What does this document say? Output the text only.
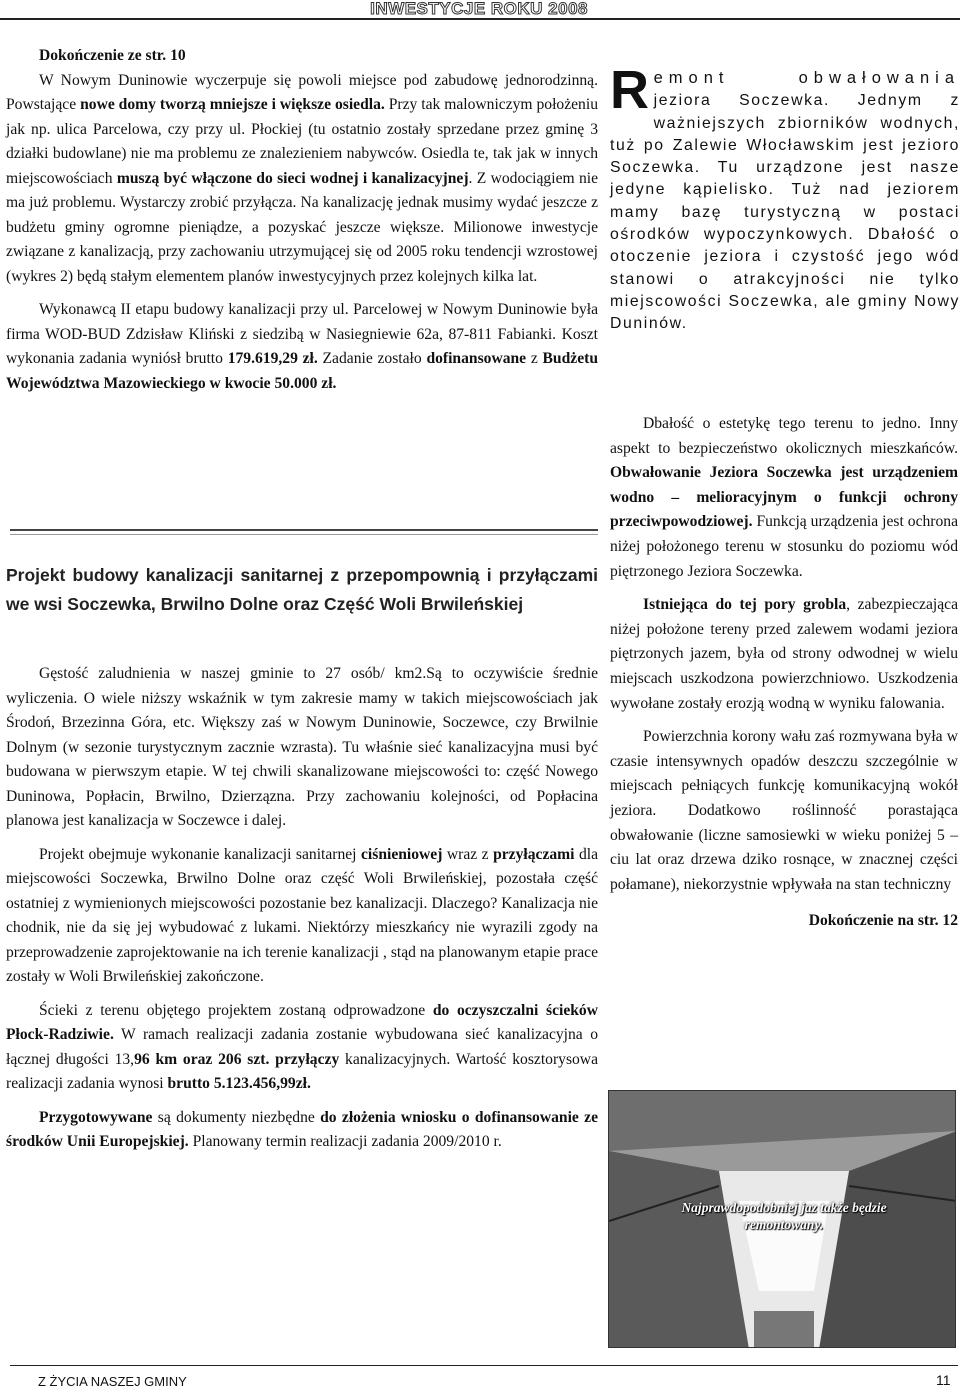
INWESTYCJE ROKU 2008

Dokończenie ze str. 10

W Nowym Duninowie wyczerpuje się powoli miejsce pod zabudowę jednorodzinną. Powstające nowe domy tworzą mniejsze i większe osiedla. Przy tak malowniczym położeniu jak np. ulica Parcelowa, czy przy ul. Płockiej (tu ostatnio zostały sprzedane przez gminę 3 działki budowlane) nie ma problemu ze znalezieniem nabywców. Osiedla te, tak jak w innych miejscowościach muszą być włączone do sieci wodnej i kanalizacyjnej. Z wodociągiem nie ma już problemu. Wystarczy zrobić przyłącza. Na kanalizację jednak musimy wydać jeszcze z budżetu gminy ogromne pieniądze, a pozyskać jeszcze większe. Milionowe inwestycje związane z kanalizacją, przy zachowaniu utrzymującej się od 2005 roku tendencji wzrostowej (wykres 2) będą stałym elementem planów inwestycyjnych przez kolejnych kilka lat.

Wykonawcą II etapu budowy kanalizacji przy ul. Parcelowej w Nowym Duninowie była firma WOD-BUD Zdzisław Kliński z siedzibą w Nasiegniewie 62a, 87-811 Fabianki. Koszt wykonania zadania wyniósł brutto 179.619,29 zł. Zadanie zostało dofinansowane z Budżetu Województwa Mazowieckiego w kwocie 50.000 zł.

Projekt budowy kanalizacji sanitarnej z przepompownią i przyłączami we wsi Soczewka, Brwilno Dolne oraz Część Woli Brwileńskiej

Gęstość zaludnienia w naszej gminie to 27 osób/ km2.Są to oczywiście średnie wyliczenia. O wiele niższy wskaźnik w tym zakresie mamy w takich miejscowościach jak Środoń, Brzezinna Góra, etc. Większy zaś w Nowym Duninowie, Soczewce, czy Brwilnie Dolnym (w sezonie turystycznym zacznie wzrasta). Tu właśnie sieć kanalizacyjna musi być budowana w pierwszym etapie. W tej chwili skanalizowane miejscowości to: część Nowego Duninowa, Popłacin, Brwilno, Dzierząznа. Przy zachowaniu kolejności, od Popłacina planowa jest kanalizacja w Soczewce i dalej.

Projekt obejmuje wykonanie kanalizacji sanitarnej ciśnieniowej wraz z przyłączami dla miejscowości Soczewka, Brwilno Dolne oraz część Woli Brwileńskiej, pozostała część ostatniej z wymienionych miejscowości pozostanie bez kanalizacji. Dlaczego? Kanalizacja nie chodnik, nie da się jej wybudować z lukami. Niektórzy mieszkańcy nie wyrazili zgody na przeprowadzenie zaprojektowanie na ich terenie kanalizacji , stąd na planowanym etapie prace zostały w Woli Brwileńskiej zakończone.

Ścieki z terenu objętego projektem zostaną odprowadzone do oczyszczalni ścieków Płock-Radziwie. W ramach realizacji zadania zostanie wybudowana sieć kanalizacyjna o łącznej długości 13,96 km oraz 206 szt. przyłączy kanalizacyjnych. Wartość kosztorysowa realizacji zadania wynosi brutto 5.123.456,99zł.

Przygotowywane są dokumenty niezbędne do złożenia wniosku o dofinansowanie ze środków Unii Europejskiej. Planowany termin realizacji zadania 2009/2010 r.

R emont obwałowania jeziora Soczewka. Jednym z ważniejszych zbiorników wodnych, tuż po Zalewie Włocławskim jest jezioro Soczewka. Tu urządzone jest nasze jedyne kąpielisko. Tuż nad jeziorem mamy bazę turystyczną w postaci ośrodków wypoczynkowych. Dbałość o otoczenie jeziora i czystość jego wód stanowi o atrakcyjności nie tylko miejscowości Soczewka, ale gminy Nowy Duninów.

Dbałość o estetykę tego terenu to jedno. Inny aspekt to bezpieczeństwo okolicznych mieszkańców. Obwałowanie Jeziora Soczewka jest urządzeniem wodno – melioracyjnym o funkcji ochrony przeciwpowodziowej. Funkcją urządzenia jest ochrona niżej położonego terenu w stosunku do poziomu wód piętrzonego Jeziora Soczewka.

Istniejąca do tej pory grobla, zabezpieczająca niżej położone tereny przed zalewem wodami jeziora piętrzonych jazem, była od strony odwodnej w wielu miejscach uszkodzona powierzchniowo. Uszkodzenia wywołane zostały erozją wodną w wyniku falowania.

Powierzchnia korony wału zaś rozmywana była w czasie intensywnych opadów deszczu szczególnie w miejscach pełniących funkcję komunikacyjną wokół jeziora. Dodatkowo roślinność porastająca obwałowanie (liczne samosiewki w wieku poniżej 5 – ciu lat oraz drzewa dziko rosnące, w znacznej części połamane), niekorzystnie wpływała na stan techniczny

Dokończenie na str. 12

Najprawdopodobniej jaz także będzie remontowany.
Z ŻYCIA NASZEJ GMINY	11
